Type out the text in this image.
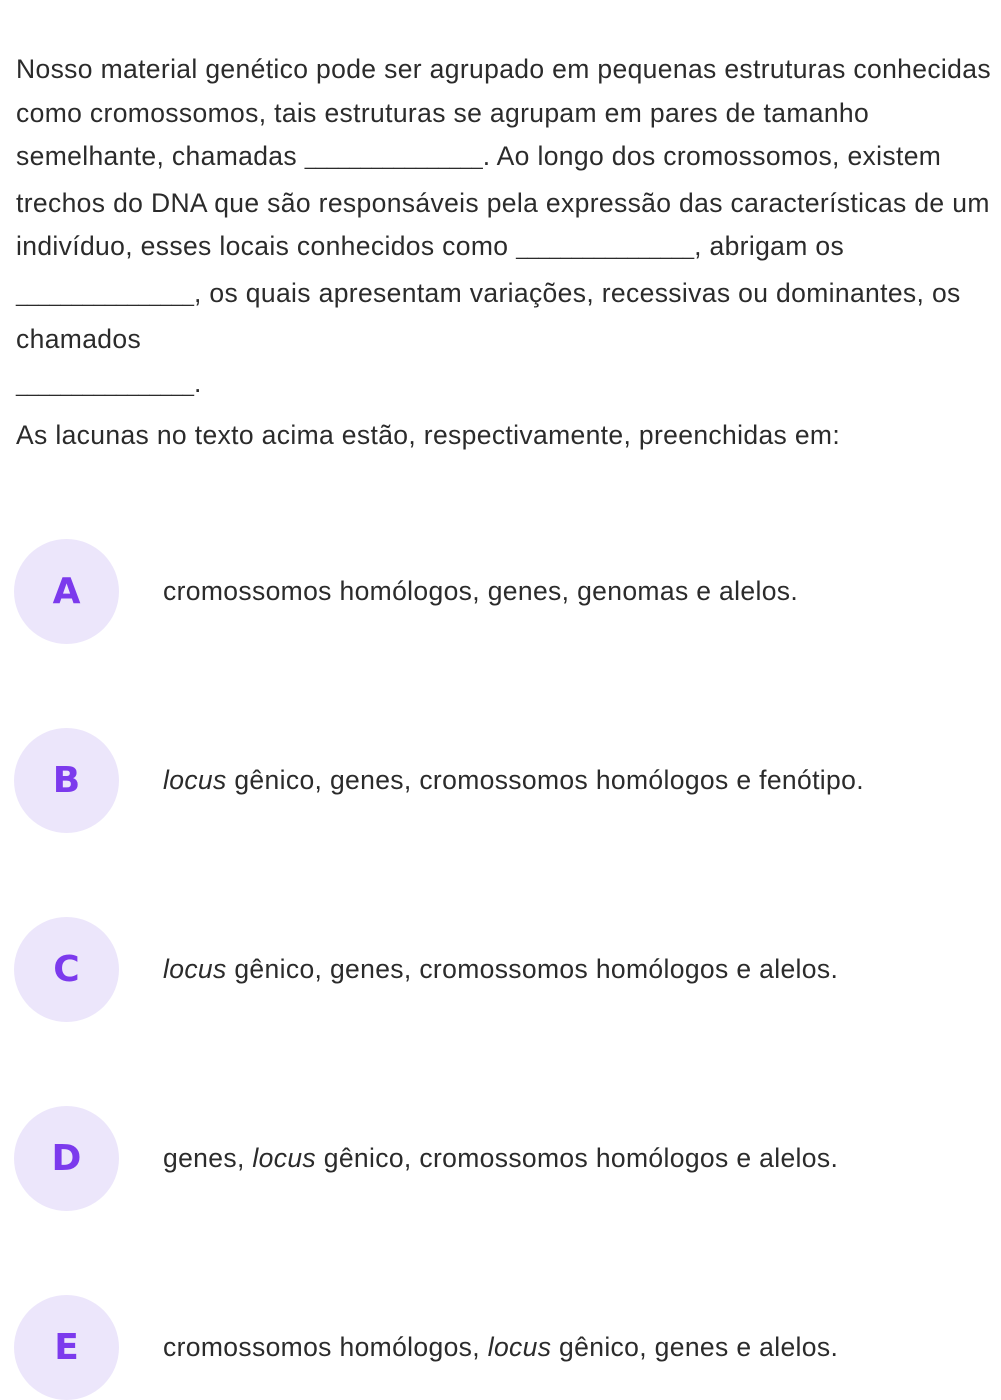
Nosso material genético pode ser agrupado em pequenas estruturas conhecidas como cromossomos, tais estruturas se agrupam em pares de tamanho semelhante, chamadas ________________. Ao longo dos cromossomos, existem trechos do DNA que são responsáveis pela expressão das características de um indivíduo, esses locais conhecidos como ________________, abrigam os ________________, os quais apresentam variações, recessivas ou dominantes, os chamados
________________.

As lacunas no texto acima estão, respectivamente, preenchidas em:

A	cromossomos homólogos, genes, genomas e alelos.
B	locus gênico, genes, cromossomos homólogos e fenótipo.
C	locus gênico, genes, cromossomos homólogos e alelos.
D	genes, locus gênico, cromossomos homólogos e alelos.
E	cromossomos homólogos, locus gênico, genes e alelos.
